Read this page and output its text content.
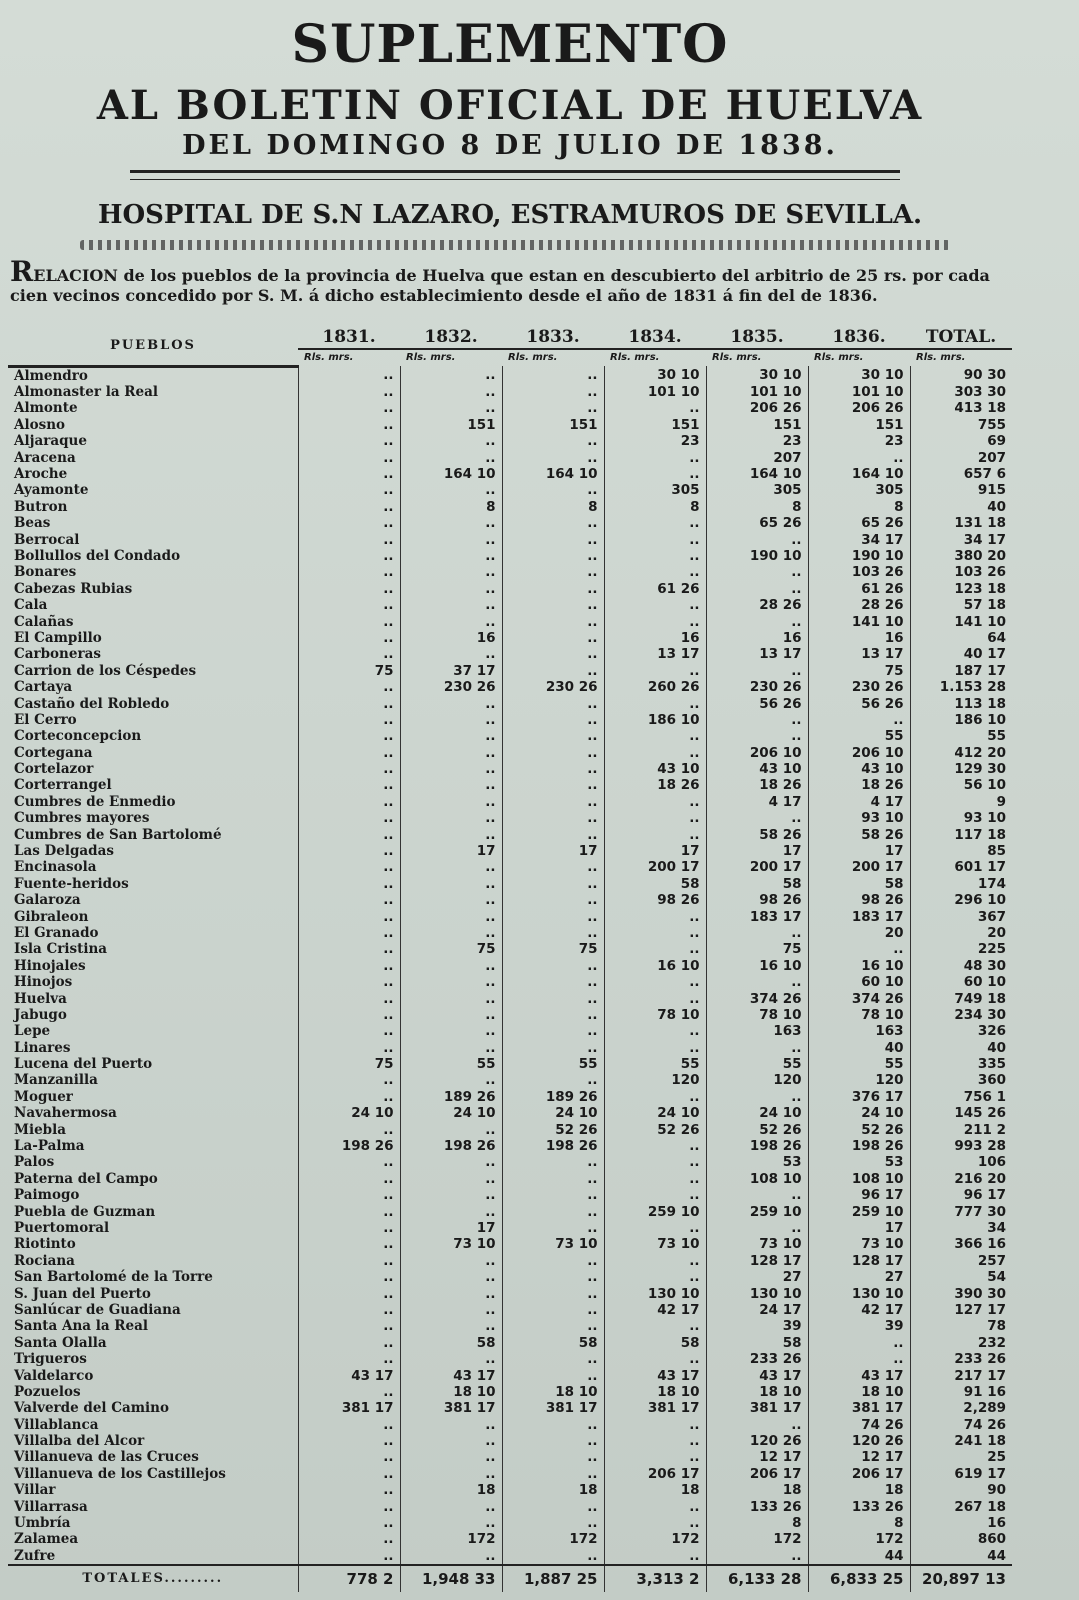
SUPLEMENTO
AL BOLETIN OFICIAL DE HUELVA
DEL DOMINGO 8 DE JULIO DE 1838.
HOSPITAL DE S.N LAZARO, ESTRAMUROS DE SEVILLA.
RELACION de los pueblos de la provincia de Huelva que estan en descubierto del arbitrio de 25 rs. por cada cien vecinos concedido por S. M. á dicho establecimiento desde el año de 1831 á fin del de 1836.
PUEBLOS	1831.	1832.	1833.	1834.	1835.	1836.	TOTAL.
	Rls. mrs.	Rls. mrs.	Rls. mrs.	Rls. mrs.	Rls. mrs.	Rls. mrs.	Rls. mrs.
Almendro	..	..	..	30 10	30 10	30 10	90 30
Almonaster la Real	..	..	..	101 10	101 10	101 10	303 30
Almonte	..	..	..	..	206 26	206 26	413 18
Alosno	..	151	151	151	151	151	755
Aljaraque	..	..	..	23	23	23	69
Aracena	..	..	..	..	207	..	207
Aroche	..	164 10	164 10	..	164 10	164 10	657 6
Ayamonte	..	..	..	305	305	305	915
Butron	..	8	8	8	8	8	40
Beas	..	..	..	..	65 26	65 26	131 18
Berrocal	..	..	..	..	..	34 17	34 17
Bollullos del Condado	..	..	..	..	190 10	190 10	380 20
Bonares	..	..	..	..	..	103 26	103 26
Cabezas Rubias	..	..	..	61 26	..	61 26	123 18
Cala	..	..	..	..	28 26	28 26	57 18
Calañas	..	..	..	..	..	141 10	141 10
El Campillo	..	16	..	16	16	16	64
Carboneras	..	..	..	13 17	13 17	13 17	40 17
Carrion de los Céspedes	75	37 17	..	..	..	75	187 17
Cartaya	..	230 26	230 26	260 26	230 26	230 26	1.153 28
Castaño del Robledo	..	..	..	..	56 26	56 26	113 18
El Cerro	..	..	..	186 10	..	..	186 10
Corteconcepcion	..	..	..	..	..	55	55
Cortegana	..	..	..	..	206 10	206 10	412 20
Cortelazor	..	..	..	43 10	43 10	43 10	129 30
Corterrangel	..	..	..	18 26	18 26	18 26	56 10
Cumbres de Enmedio	..	..	..	..	4 17	4 17	9
Cumbres mayores	..	..	..	..	..	93 10	93 10
Cumbres de San Bartolomé	..	..	..	..	58 26	58 26	117 18
Las Delgadas	..	17	17	17	17	17	85
Encinasola	..	..	..	200 17	200 17	200 17	601 17
Fuente-heridos	..	..	..	58	58	58	174
Galaroza	..	..	..	98 26	98 26	98 26	296 10
Gibraleon	..	..	..	..	183 17	183 17	367
El Granado	..	..	..	..	..	20	20
Isla Cristina	..	75	75	..	75	..	225
Hinojales	..	..	..	16 10	16 10	16 10	48 30
Hinojos	..	..	..	..	..	60 10	60 10
Huelva	..	..	..	..	374 26	374 26	749 18
Jabugo	..	..	..	78 10	78 10	78 10	234 30
Lepe	..	..	..	..	163	163	326
Linares	..	..	..	..	..	40	40
Lucena del Puerto	75	55	55	55	55	55	335
Manzanilla	..	..	..	120	120	120	360
Moguer	..	189 26	189 26	..	..	376 17	756 1
Navahermosa	24 10	24 10	24 10	24 10	24 10	24 10	145 26
Miebla	..	..	52 26	52 26	52 26	52 26	211 2
La-Palma	198 26	198 26	198 26	..	198 26	198 26	993 28
Palos	..	..	..	..	53	53	106
Paterna del Campo	..	..	..	..	108 10	108 10	216 20
Paimogo	..	..	..	..	..	96 17	96 17
Puebla de Guzman	..	..	..	259 10	259 10	259 10	777 30
Puertomoral	..	17	..	..	..	17	34
Riotinto	..	73 10	73 10	73 10	73 10	73 10	366 16
Rociana	..	..	..	..	128 17	128 17	257
San Bartolomé de la Torre	..	..	..	..	27	27	54
S. Juan del Puerto	..	..	..	130 10	130 10	130 10	390 30
Sanlúcar de Guadiana	..	..	..	42 17	24 17	42 17	127 17
Santa Ana la Real	..	..	..	..	39	39	78
Santa Olalla	..	58	58	58	58	..	232
Trigueros	..	..	..	..	233 26	..	233 26
Valdelarco	43 17	43 17	..	43 17	43 17	43 17	217 17
Pozuelos	..	18 10	18 10	18 10	18 10	18 10	91 16
Valverde del Camino	381 17	381 17	381 17	381 17	381 17	381 17	2,289
Villablanca	..	..	..	..	..	74 26	74 26
Villalba del Alcor	..	..	..	..	120 26	120 26	241 18
Villanueva de las Cruces	..	..	..	..	12 17	12 17	25
Villanueva de los Castillejos	..	..	..	206 17	206 17	206 17	619 17
Villar	..	18	18	18	18	18	90
Villarrasa	..	..	..	..	133 26	133 26	267 18
Umbría	..	..	..	..	8	8	16
Zalamea	..	172	172	172	172	172	860
Zufre	..	..	..	..	..	44	44
TOTALES.........	778 2	1,948 33	1,887 25	3,313 2	6,133 28	6,833 25	20,897 13
